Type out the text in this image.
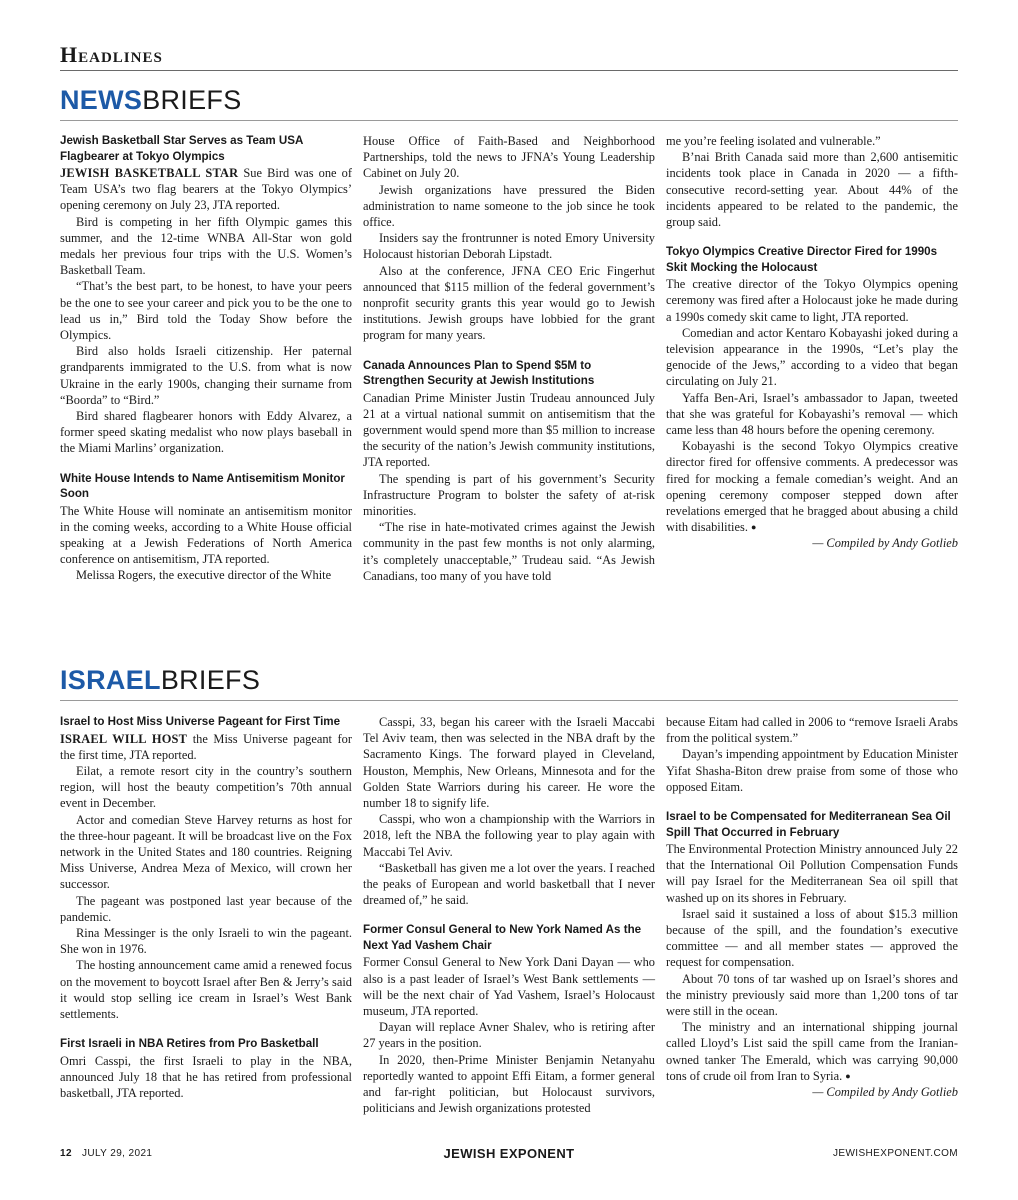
Headlines
NEWSBRIEFS
Jewish Basketball Star Serves as Team USA Flagbearer at Tokyo Olympics

JEWISH BASKETBALL STAR Sue Bird was one of Team USA’s two flag bearers at the Tokyo Olympics’ opening ceremony on July 23, JTA reported.

Bird is competing in her fifth Olympic games this summer, and the 12-time WNBA All-Star won gold medals her previous four trips with the U.S. Women’s Basketball Team.

“That’s the best part, to be honest, to have your peers be the one to see your career and pick you to be the one to lead us in,” Bird told the Today Show before the Olympics.

Bird also holds Israeli citizenship. Her paternal grandparents immigrated to the U.S. from what is now Ukraine in the early 1900s, changing their surname from “Boorda” to “Bird.”

Bird shared flagbearer honors with Eddy Alvarez, a former speed skating medalist who now plays baseball in the Miami Marlins’ organization.

White House Intends to Name Antisemitism Monitor Soon

The White House will nominate an antisemitism monitor in the coming weeks, according to a White House official speaking at a Jewish Federations of North America conference on antisemitism, JTA reported.

Melissa Rogers, the executive director of the White

House Office of Faith-Based and Neighborhood Partnerships, told the news to JFNA’s Young Leadership Cabinet on July 20.

Jewish organizations have pressured the Biden administration to name someone to the job since he took office.

Insiders say the frontrunner is noted Emory University Holocaust historian Deborah Lipstadt.

Also at the conference, JFNA CEO Eric Fingerhut announced that $115 million of the federal government’s nonprofit security grants this year would go to Jewish institutions. Jewish groups have lobbied for the grant program for many years.

Canada Announces Plan to Spend $5M to Strengthen Security at Jewish Institutions

Canadian Prime Minister Justin Trudeau announced July 21 at a virtual national summit on antisemitism that the government would spend more than $5 million to increase the security of the nation’s Jewish community institutions, JTA reported.

The spending is part of his government’s Security Infrastructure Program to bolster the safety of at-risk minorities.

“The rise in hate-motivated crimes against the Jewish community in the past few months is not only alarming, it’s completely unacceptable,” Trudeau said. “As Jewish Canadians, too many of you have told

me you’re feeling isolated and vulnerable.”

B’nai Brith Canada said more than 2,600 antisemitic incidents took place in Canada in 2020 — a fifth-consecutive record-setting year. About 44% of the incidents appeared to be related to the pandemic, the group said.

Tokyo Olympics Creative Director Fired for 1990s Skit Mocking the Holocaust

The creative director of the Tokyo Olympics opening ceremony was fired after a Holocaust joke he made during a 1990s comedy skit came to light, JTA reported.

Comedian and actor Kentaro Kobayashi joked during a television appearance in the 1990s, “Let’s play the genocide of the Jews,” according to a video that began circulating on July 21.

Yaffa Ben-Ari, Israel’s ambassador to Japan, tweeted that she was grateful for Kobayashi’s removal — which came less than 48 hours before the opening ceremony.

Kobayashi is the second Tokyo Olympics creative director fired for offensive comments. A predecessor was fired for mocking a female comedian’s weight. And an opening ceremony composer stepped down after revelations emerged that he bragged about abusing a child with disabilities. ●

— Compiled by Andy Gotlieb

ISRAELBRIEFS
Israel to Host Miss Universe Pageant for First Time

ISRAEL WILL HOST the Miss Universe pageant for the first time, JTA reported.

Eilat, a remote resort city in the country’s southern region, will host the beauty competition’s 70th annual event in December.

Actor and comedian Steve Harvey returns as host for the three-hour pageant. It will be broadcast live on the Fox network in the United States and 180 countries. Reigning Miss Universe, Andrea Meza of Mexico, will crown her successor.

The pageant was postponed last year because of the pandemic.

Rina Messinger is the only Israeli to win the pageant. She won in 1976.

The hosting announcement came amid a renewed focus on the movement to boycott Israel after Ben & Jerry’s said it would stop selling ice cream in Israel’s West Bank settlements.

First Israeli in NBA Retires from Pro Basketball

Omri Casspi, the first Israeli to play in the NBA, announced July 18 that he has retired from professional basketball, JTA reported.

Casspi, 33, began his career with the Israeli Maccabi Tel Aviv team, then was selected in the NBA draft by the Sacramento Kings. The forward played in Cleveland, Houston, Memphis, New Orleans, Minnesota and for the Golden State Warriors during his career. He wore the number 18 to signify life.

Casspi, who won a championship with the Warriors in 2018, left the NBA the following year to play again with Maccabi Tel Aviv.

“Basketball has given me a lot over the years. I reached the peaks of European and world basketball that I never dreamed of,” he said.

Former Consul General to New York Named As the Next Yad Vashem Chair

Former Consul General to New York Dani Dayan — who also is a past leader of Israel’s West Bank settlements — will be the next chair of Yad Vashem, Israel’s Holocaust museum, JTA reported.

Dayan will replace Avner Shalev, who is retiring after 27 years in the position.

In 2020, then-Prime Minister Benjamin Netanyahu reportedly wanted to appoint Effi Eitam, a former general and far-right politician, but Holocaust survivors, politicians and Jewish organizations protested

because Eitam had called in 2006 to “remove Israeli Arabs from the political system.”

Dayan’s impending appointment by Education Minister Yifat Shasha-Biton drew praise from some of those who opposed Eitam.

Israel to be Compensated for Mediterranean Sea Oil Spill That Occurred in February

The Environmental Protection Ministry announced July 22 that the International Oil Pollution Compensation Funds will pay Israel for the Mediterranean Sea oil spill that washed up on its shores in February.

Israel said it sustained a loss of about $15.3 million because of the spill, and the foundation’s executive committee — and all member states — approved the request for compensation.

About 70 tons of tar washed up on Israel’s shores and the ministry previously said more than 1,200 tons of tar were still in the ocean.

The ministry and an international shipping journal called Lloyd’s List said the spill came from the Iranian-owned tanker The Emerald, which was carrying 90,000 tons of crude oil from Iran to Syria. ●

— Compiled by Andy Gotlieb

12 JULY 29, 2021	JEWISH EXPONENT	JEWISHEXPONENT.COM
